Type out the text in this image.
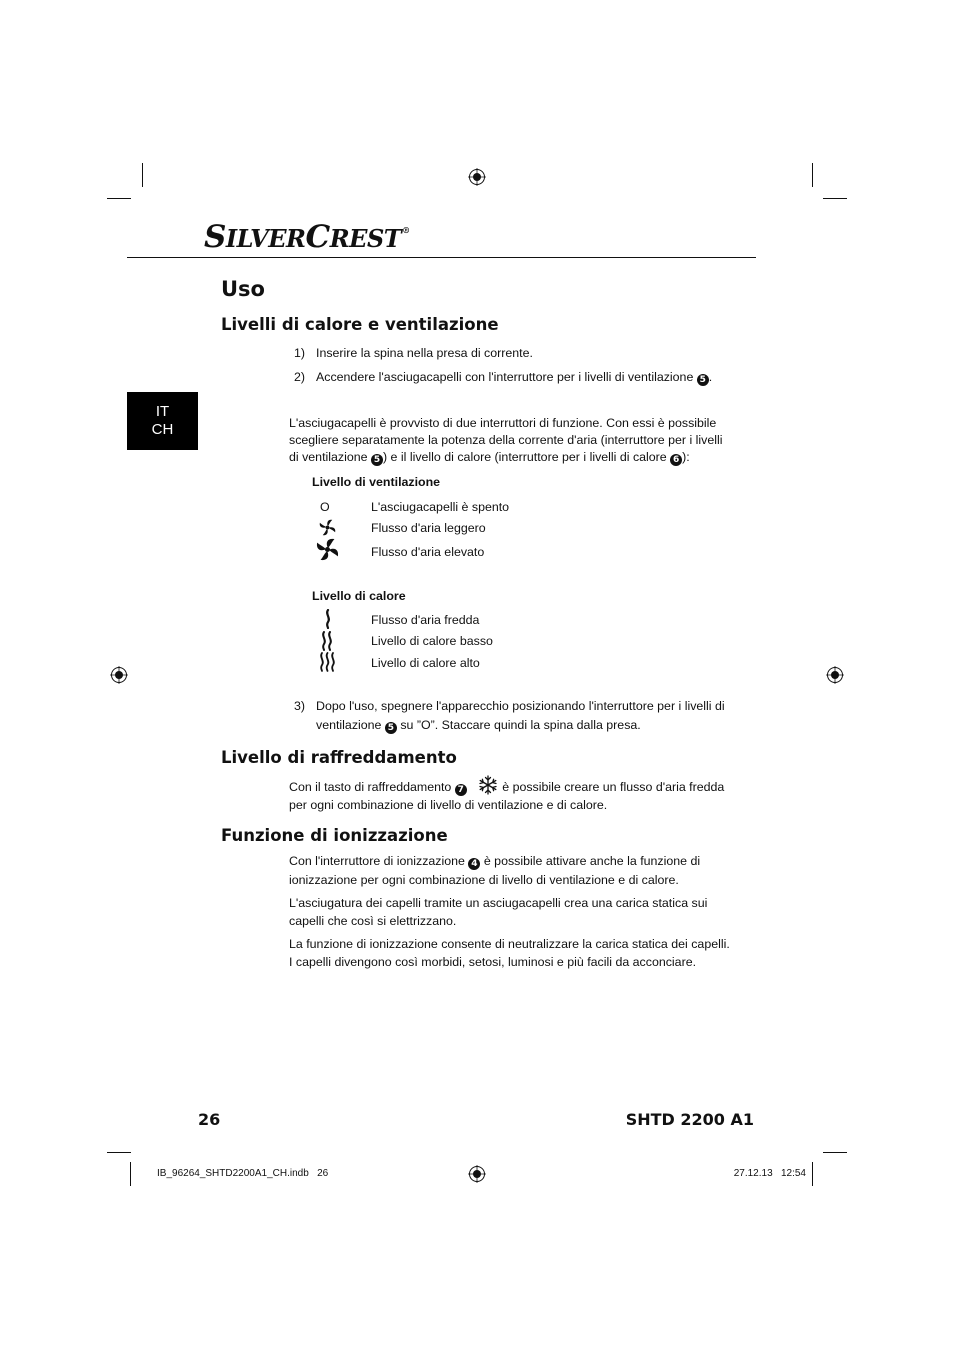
SILVERCREST®
IT
CH
Uso
Livelli di calore e ventilazione
1) Inserire la spina nella presa di corrente.
2) Accendere l'asciugacapelli con l'interruttore per i livelli di ventilazione 5 .
L'asciugacapelli è provvisto di due interruttori di funzione. Con essi è possibile
scegliere separatamente la potenza della corrente d'aria (interruttore per i livelli
di ventilazione 5 ) e il livello di calore (interruttore per i livelli di calore 6 ):
Livello di ventilazione
O	L'asciugacapelli è spento
Flusso d'aria leggero
Flusso d'aria elevato
Livello di calore
Flusso d'aria fredda
Livello di calore basso
Livello di calore alto
3) Dopo l'uso, spegnere l'apparecchio posizionando l'interruttore per i livelli di
ventilazione 5 su ”O”. Staccare quindi la spina dalla presa.
Livello di raffreddamento
Con il tasto di raffreddamento 7	è possibile creare un flusso d'aria fredda
per ogni combinazione di livello di ventilazione e di calore.
Funzione di ionizzazione
Con l'interruttore di ionizzazione 4 è possibile attivare anche la funzione di
ionizzazione per ogni combinazione di livello di ventilazione e di calore.
L'asciugatura dei capelli tramite un asciugacapelli crea una carica statica sui
capelli che così si elettrizzano.
La funzione di ionizzazione consente di neutralizzare la carica statica dei capelli.
I capelli divengono così morbidi, setosi, luminosi e più facili da acconciare.
26	SHTD 2200 A1
IB_96264_SHTD2200A1_CH.indb   26	27.12.13   12:54
